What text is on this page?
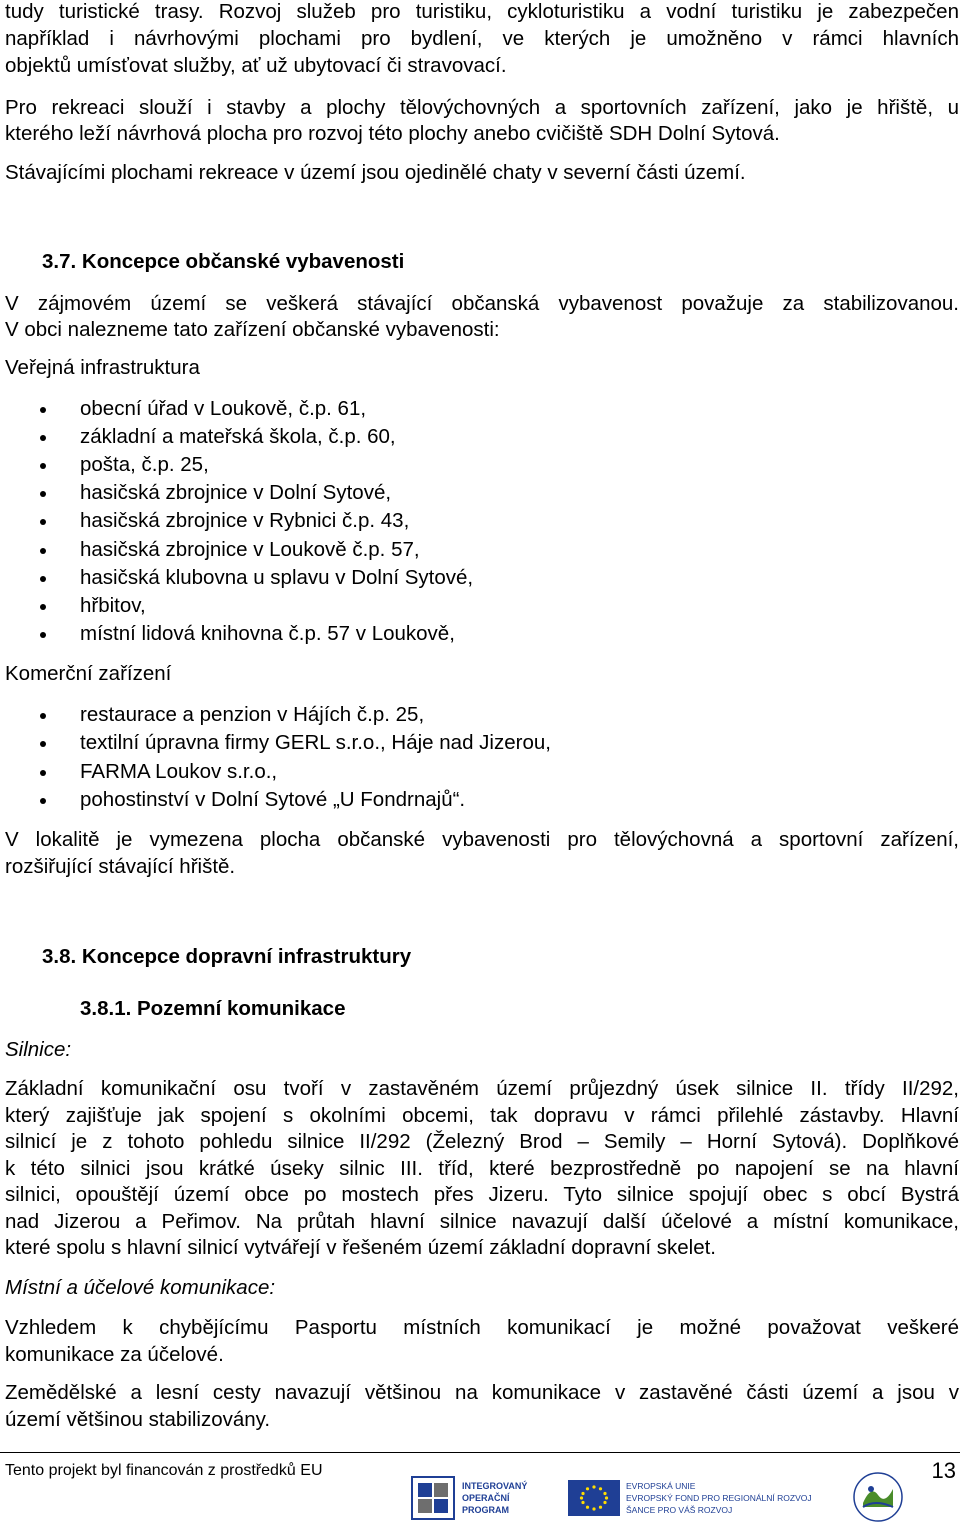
tudy turistické trasy. Rozvoj služeb pro turistiku, cykloturistiku a vodní turistiku je zabezpečen
například i návrhovými plochami pro bydlení, ve kterých je umožněno v rámci hlavních
objektů umísťovat služby, ať už ubytovací či stravovací.
Pro rekreaci slouží i stavby a plochy tělovýchovných a sportovních zařízení, jako je hřiště, u
kterého leží návrhová plocha pro rozvoj této plochy anebo cvičiště SDH Dolní Sytová.
Stávajícími plochami rekreace v území jsou ojedinělé chaty v severní části území.
3.7. Koncepce občanské vybavenosti
V zájmovém území se veškerá stávající občanská vybavenost považuje za stabilizovanou.
V obci nalezneme tato zařízení občanské vybavenosti:
Veřejná infrastruktura
obecní úřad v Loukově, č.p. 61,
základní a mateřská škola, č.p. 60,
pošta, č.p. 25,
hasičská zbrojnice v Dolní Sytové,
hasičská zbrojnice v Rybnici č.p. 43,
hasičská zbrojnice v Loukově č.p. 57,
hasičská klubovna u splavu v Dolní Sytové,
hřbitov,
místní lidová knihovna č.p. 57 v Loukově,
Komerční zařízení
restaurace a penzion v Hájích č.p. 25,
textilní úpravna firmy GERL s.r.o., Háje nad Jizerou,
FARMA Loukov s.r.o.,
pohostinství v Dolní Sytové „U Fondrnajů“.
V lokalitě je vymezena plocha občanské vybavenosti pro tělovýchovná a sportovní zařízení,
rozšiřující stávající hřiště.
3.8. Koncepce dopravní infrastruktury
3.8.1. Pozemní komunikace
Silnice:
Základní komunikační osu tvoří v zastavěném území průjezdný úsek silnice II. třídy II/292,
který zajišťuje jak spojení s okolními obcemi, tak dopravu v rámci přilehlé zástavby. Hlavní
silnicí je z tohoto pohledu silnice II/292 (Železný Brod – Semily – Horní Sytová). Doplňkové
k této silnici jsou krátké úseky silnic III. tříd, které bezprostředně po napojení se na hlavní
silnici, opouštějí území obce po mostech přes Jizeru. Tyto silnice spojují obec s obcí Bystrá
nad Jizerou a Peřimov. Na průtah hlavní silnice navazují další účelové a místní komunikace,
které spolu s hlavní silnicí vytvářejí v řešeném území základní dopravní skelet.
Místní a účelové komunikace:
Vzhledem k chybějícímu Pasportu místních komunikací je možné považovat veškeré
komunikace za účelové.
Zemědělské a lesní cesty navazují většinou na komunikace v zastavěné části území a jsou v
území většinou stabilizovány.
Tento projekt byl financován z prostředků EU	13
INTEGROVANÝ
OPERAČNÍ
PROGRAM
EVROPSKÁ UNIE
EVROPSKÝ FOND PRO REGIONÁLNÍ ROZVOJ
ŠANCE PRO VÁŠ ROZVOJ
